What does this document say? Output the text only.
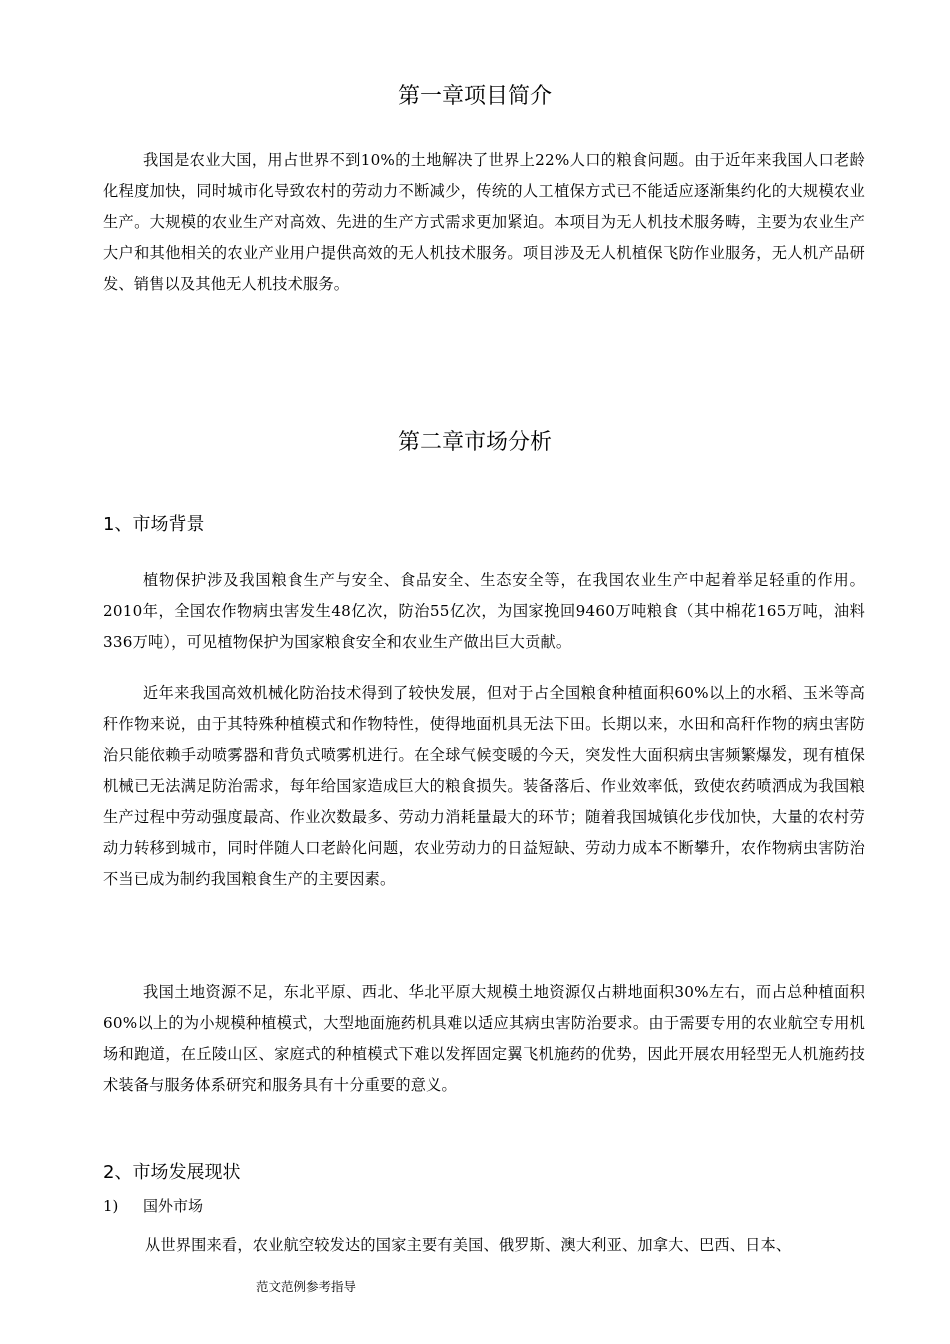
第一章项目简介

我国是农业大国，用占世界不到10%的土地解决了世界上22%人口的粮食问题。由于近年来我国人口老龄化程度加快，同时城市化导致农村的劳动力不断减少，传统的人工植保方式已不能适应逐渐集约化的大规模农业生产。大规模的农业生产对高效、先进的生产方式需求更加紧迫。本项目为无人机技术服务畴，主要为农业生产大户和其他相关的农业产业用户提供高效的无人机技术服务。项目涉及无人机植保飞防作业服务，无人机产品研发、销售以及其他无人机技术服务。

第二章市场分析
1、市场背景

植物保护涉及我国粮食生产与安全、食品安全、生态安全等，在我国农业生产中起着举足轻重的作用。2010年，全国农作物病虫害发生48亿次，防治55亿次，为国家挽回9460万吨粮食（其中棉花165万吨，油料336万吨），可见植物保护为国家粮食安全和农业生产做出巨大贡献。

近年来我国高效机械化防治技术得到了较快发展，但对于占全国粮食种植面积60%以上的水稻、玉米等高秆作物来说，由于其特殊种植模式和作物特性，使得地面机具无法下田。长期以来，水田和高秆作物的病虫害防治只能依赖手动喷雾器和背负式喷雾机进行。在全球气候变暖的今天，突发性大面积病虫害频繁爆发，现有植保机械已无法满足防治需求，每年给国家造成巨大的粮食损失。装备落后、作业效率低，致使农药喷洒成为我国粮生产过程中劳动强度最高、作业次数最多、劳动力消耗量最大的环节；随着我国城镇化步伐加快，大量的农村劳动力转移到城市，同时伴随人口老龄化问题，农业劳动力的日益短缺、劳动力成本不断攀升，农作物病虫害防治不当已成为制约我国粮食生产的主要因素。

我国土地资源不足，东北平原、西北、华北平原大规模土地资源仅占耕地面积30%左右，而占总种植面积60%以上的为小规模种植模式，大型地面施药机具难以适应其病虫害防治要求。由于需要专用的农业航空专用机场和跑道，在丘陵山区、家庭式的种植模式下难以发挥固定翼飞机施药的优势，因此开展农用轻型无人机施药技术装备与服务体系研究和服务具有十分重要的意义。

2、市场发展现状
1) 国外市场

从世界围来看，农业航空较发达的国家主要有美国、俄罗斯、澳大利亚、加拿大、巴西、日本、

范文范例参考指导
